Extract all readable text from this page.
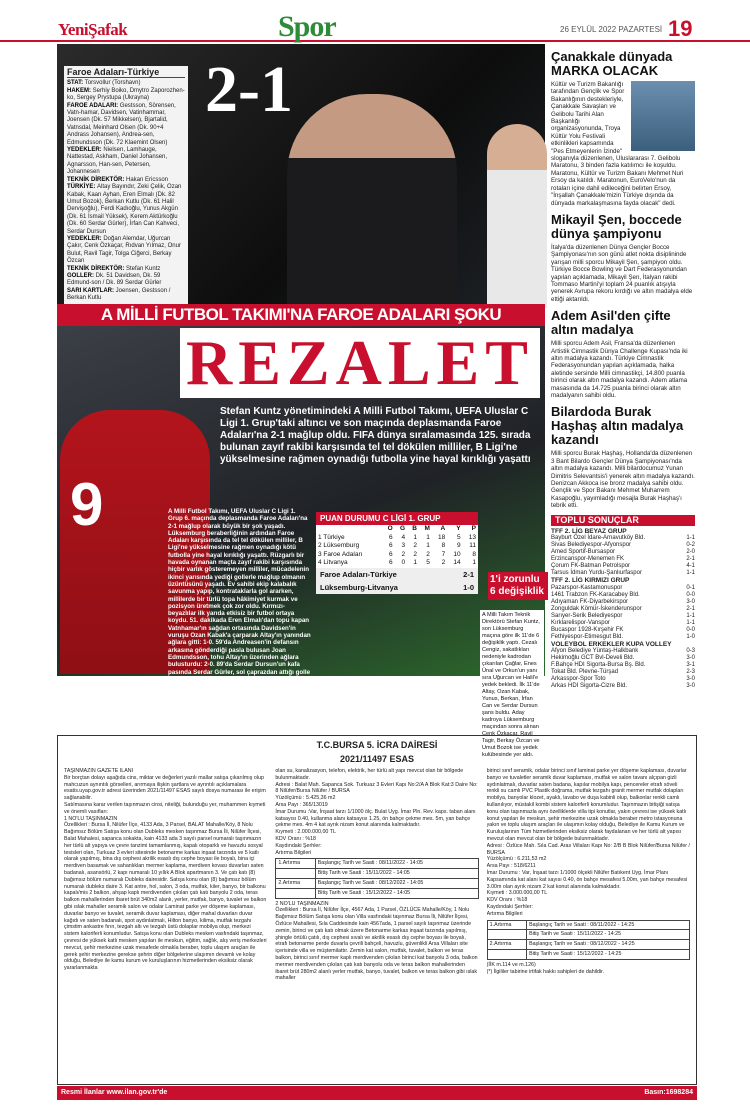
YeniŞafak	Spor	26 EYLÜL 2022 PAZARTESİ 19
2-1
Faroe Adaları-Türkiye
STAT: Torsvollur (Torshavn)
HAKEM: Serhiy Boiko, Dmytro Zaporozhen-ko, Sergey Prystupa (Ukrayna)
FAROE ADALARI: Gestsson, Sörensen, Vatn-hamar, Davidsen, Vatinhammar, Joensen (Dk. 57 Mikkelsen), Bjartalid, Vatnsdal, Meinhard Olsen (Dk. 90+4 Andrass Johansen), Andrea-sen, Edmundsson (Dk. 72 Klaemint Olsen)
YEDEKLER: Nielsen, Lamhauge, Nattestad, Askham, Daniel Johansen, Agnarsson, Han-sen, Petersen, Johannesen
TEKNİK DİREKTÖR: Hakan Ericsson
TÜRKİYE: Altay Bayındır, Zeki Çelik, Ozan Kabak, Kaan Ayhan, Eren Elmalı (Dk. 82 Umut Bozok), Berkan Kutlu (Dk. 61 Halil Dervişoğlu), Ferdi Kadıoğlu, Yunus Akgün (Dk. 61 İsmail Yüksek), Kerem Aktürkoğlu (Dk. 60 Serdar Gürler), İrfan Can Kahveci, Serdar Dursun
YEDEKLER: Doğan Alemdar, Uğurcan Çakır, Cenk Özkaçar, Rıdvan Yılmaz, Onur Bulut, Ravil Tagir, Tolga Ciğerci, Berkay Özcan
TEKNİK DİREKTÖR: Stefan Kuntz
GOLLER: Dk. 51 Davidsen, Dk. 59 Edmund-son / Dk. 89 Serdar Gürler
SARI KARTLAR: Joensen, Gestsson / Berkan Kutlu
A MİLLİ FUTBOL TAKIMI'NA FAROE ADALARI ŞOKU
REZALET
Stefan Kuntz yönetimindeki A Milli Futbol Takımı, UEFA Uluslar C Ligi 1. Grup'taki altıncı ve son maçında deplasmanda Faroe Adaları'na 2-1 mağlup oldu. FIFA dünya sıralamasında 125. sırada bulunan zayıf rakibi karşısında tel tel dökülen milliler, B Ligi'ne yükselmesine rağmen oynadığı futbolla yine hayal kırıklığı yaşattı
9	A Milli Futbol Takımı, UEFA Uluslar C Ligi 1. Grup 6. maçında deplasmanda Faroe Adaları'na 2-1 mağlup olarak büyük bir şok yaşadı. Lüksemburg beraberliğinin ardından Faroe Adaları karşısında da tel tel dökülen milliler, B Ligi'ne yükselmesine rağmen oynadığı kötü futbolla yine hayal kırıklığı yaşattı. Rüzgarlı bir havada oynanan maçta zayıf rakibi karşısında hiçbir varlık gösteremeyen milliler, mücadelenin ikinci yarısında yediği gollerle mağlup olmanın üzüntüsünü yaşadı. Ev sahibi ekip kalabalık savunma yapıp, kontrataklarla gol ararken, millilerde bir türlü topa hâkimiyet kurmak ve pozisyon üretmek çok zor oldu. Kırmızı-beyazlılar ilk yarıda etkisiz bir futbol ortaya koydu. 51. dakikada Eren Elmalı'dan topu kapan Vatnhamar'ın sağdan ortasında Davidsen'in vuruşu Ozan Kabak'a çarparak Altay'ın yanından ağlara gitti: 1-0. 59'da Andreasen'in defansın arkasına gönderdiği pasla bulusan Joan Edmundsson, tohu Altay'ın üzerinden ağlara bulusturdu: 2-0. 89'da Serdar Dursun'un kafa pasında Serdar Gürler, sol çaprazdan attığı golle skoru 2-1e getirdi.
PUAN DURUMU C LİGİ 1. GRUP
	O	G	B	M	A	Y	P
1 Türkiye	6	4	1	1	18	5	13
2 Lüksemburg	6	3	2	1	8	9	11
3 Faroe Adaları	6	2	2	2	7	10	8
4 Litvanya	6	0	1	5	2	14	1
Faroe Adaları-Türkiye	2-1
Lüksemburg-Litvanya	1-0
1'i zorunlu 6 değişiklik
A Milli Takım Teknik Direktörü Stefan Kuntz, son Lüksemburg maçına göre ilk 11'de 6 değişiklik yaptı. Cezalı Cengiz, sakatlıkları nedeniyle kadrodan çıkarılan Çağlar, Enes Ünal ve Orkun'un yanı sıra Uğurcan ve Halil'e yedek bekledi. İlk 11'de Altay, Ozan Kabak, Yunus, Berkan, İrfan Can ve Serdar Dursun şans buldu. Aday kadroya Lüksemburg maçından sonra alınan Cenk Özkaçar, Ravil Tagir, Berkay Özcan ve Umut Bozok ise yedek kulübesinde yer aldı.
Çanakkale dünyada MARKA OLACAK

Kültür ve Turizm Bakanlığı tarafından Gençlik ve Spor Bakanlığının destekleriyle, Çanakkale Savaşları ve Gelibolu Tarihi Alan Başkanlığı organizasyonunda, Troya Kültür Yolu Festivali etkinlikleri kapsamında "Pes Etmeyenlerin İzinde" sloganıyla düzenlenen, Uluslararası 7. Gelibolu Maratonu, 3 binden fazla katılımcı ile koşuldu. Maratonu, Kültür ve Turizm Bakanı Mehmet Nuri Ersoy da katıldı. Maratonun, EuroVelo'nun da rotaları içine dahil edileceğini belirten Ersoy, "İnşallah Çanakkale'mizin Türkiye dışında da dünyada markalaşmasına fayda olacak" dedi.

Mikayil Şen, boccede dünya şampiyonu

İtalya'da düzenlenen Dünya Gençler Bocce Şampiyonası'nın son günü atlet nokta disiplininde yarışan milli sporcu Mikayil Şen, şampiyon oldu. Türkiye Bocce Bowling ve Dart Federasyonundan yapılan açıklamada, Mikayil Şen, İtalyan rakibi Tommaso Martini'yi toplam 24 puanlık atışıyla yenerek Avrupa rekoru kırdığı ve altın madalya elde ettiği aktarıldı.

Adem Asil'den çifte altın madalya

Milli sporcu Adem Asil, Fransa'da düzenlenen Artistik Cimnastik Dünya Challenge Kupası'nda iki altın madalya kazandı. Türkiye Cimnastik Federasyonundan yapılan açıklamada, halka aletinde sersinde Milli cimnastikçi, 14.800 puanla birinci olarak altın madalya kazandı. Adem atlama masasında da 14.725 puanla birinci olarak altın madalyanın sahibi oldu.

Bilardoda Burak Haşhaş altın madalya kazandı

Milli sporcu Burak Haşhaş, Hollanda'da düzenlenen 3 Bant Bilardo Gençler Dünya Şampiyonası'nda altın madalya kazandı. Milli bilardocumuz Yunan Dimitris Selevantsis'i yenerek altın madalya kazandı. Denizcan Akkoca ise bronz madalya sahibi oldu. Gençlik ve Spor Bakanı Mehmet Muharrem Kasapoğlu, yayımladığı mesajla Burak Haşhaş'ı tebrik etti.

TOPLU SONUÇLAR
TFF 2. LİG BEYAZ GRUP
Bayburt Özel İdare-Arnavutköy Bld.	1-1
Sivas Belediyespor-Afyonspor	0-2
Amed Sportif-Bursaspor	2-0
Erzincanspor-Menemen FK	2-1
Çorum FK-Batman Petrolspor	4-1
Tarsus İdman Yurdu-Şanlıurfaspor	1-1
TFF 2. LİG KIRMIZI GRUP
Pazarspor-Kastamonuspor	0-1
1461 Trabzon FK-Karacabey Bld.	0-0
Adıyaman FK-Diyarbekirspor	3-0
Zonguldak Kömür-İskenderunspor	2-1
Sarıyer-Serik Belediyespor	1-1
Kırklarelispor-Vanspor	1-1
Bucaspor 1928-Kırşehir FK	0-0
Fethiyespor-Etimesgut Bld.	1-0
VOLEYBOL ERKEKLER KUPA VOLLEY
Afyon Belediye Yüntaş-Halkbank	0-3
Hekimoğlu GCT Bvl-Develi Bld.	3-0
F.Bahçe HDI Sigorta-Bursa Bş. Bld.	3-1
Tokat Bld. Plevne-Türşad	2-3
Arkasspor-Spor Toto	3-0
Arkas HDI Sigorta-Cizre Bld.	3-0
T.C.BURSA 5. İCRA DAİRESİ
2021/11497 ESAS
TAŞINMAZIN GAZETE İLANI
Bir borçtan dolayı aşağıda cins, miktar ve değerleri yazılı mallar satışa çıkarılmış olup mahcuzun aynıntılı görselleri, arırmaya ilişkin şartlara ve ayrıntılı açıklamalara esatis.uyap.gov.tr adresi üzerinden 2021/11497 ESAS sayılı dosya numarası ile erişim sağlanabilir.
Satılmasına karar verilen taşınmazın cinsi, niteliği, bulunduğu yer, muhammen kıymeti ve önemli vasıfları:
1 NO'LU TAŞINMAZIN
Özellikleri : Bursa İl, Nilüfer İlçe, 4133 Ada, 3 Parsel, BALAT Mahalle/Köy, 8 Nolu Bağımsız Bölüm Satışa konu olan Dubleks mesken taşınmaz Bursa İli, Nilüfer İlçesi, Balat Mahalesi, sapanca sokakta, kain 4133 ada 3 sayılı parsel numaralı taşınmazın her türlü alt yapıya ve çevre tanzimi tamamlanmış, kapalı otoparklı ve havuzlu sosyal tesisleri olan, Turkuaz 3 evleri sitesinde betonarme karkas inşaat tarzında ve 5 katlı olarak yapılmış, bina dış cephesi akrilik esaslı dış cephe boyası ile boyalı, bina içi merdiven basamak ve sahanlıkları mermer kaplama, merdiven kovası duvarları saten badanalı, asansörlü, 2 kapı numaralı 10 yıllık A Blok apartmanın 3. Ve çatı katı (8) bağımsız bölüm numaralı Dubleks dairesidir. Satışa konu olan (8) bağımsız bölüm numaralı dubleks daire 3. Kat antre, hol, salon, 3 oda, mutfak, kiler, banyo, bir balkonu kapalı/mis 2 balkon, ahşap kaplı merdivenden çıkılan çatı katı banyolu 2 oda, teras balkon mahallerinden ibaret brüt 340m2 alanlı, yerler, mutfak, banyo, tuvalet ve balkon gibi ıslak mahaller seramik salon ve odalar Laminat parke yer döşeme kaplaması, duvarlar banyo ve tuvalet, seramik duvar kaplaması, diğer mahal duvarları duvar kağıdı ve saten badanalı, spot aydınlatmalı, Hilton banyo, kilima, mutfak tezgahı çimstim ankastre fırın, tezgah altı ve tezgah üstü dolaplar mobilya olup, merkezi sistem kaloriferli konumludur. Satışa konu olan Dubleks mesken vasfındaki taşınmaz, çevresi de yüksek katlı mesken yapıları ile meskun, eğitim, sağlık, alış veriş merkezleri mevcut, şehir merkezine uzak mesafede olmakla beraber, toplu ulaşım araçları ile gerek şehir merkezine gerekse şehrin diğer bölgelerine ulaşımın devamlı ve kolay olduğu, Belediye ile kamu kurum ve kuruluşlarının hizmetlerinden eksiksiz olarak yararlanmakta
olan su, kanalizasyon, telefon, elektrik, her türlü alt yapı mevcut olan bir bölgede bulunmaktadır.
Adresi : Balat Mah. Sapanca Sok. Turkuaz 3 Evleri Kapı No:2/A A Blok Kat:3 Daire No: 8 Nilüfer/Bursa Nilüfer / BURSA
Yüzölçümü : 5.425,36 m2
Arsa Payı : 365/13019
İmar Durumu :Var, İnşaat tarzı 1/1000 ölç. Bulat Uyg. İmar Pln. Rev. kaps. taban alanı katsayısı 0.40, kullanma alanı katsayısı 1.25, ön bahçe çekme mes. 5m, yan bahçe çekme mes. 4m 4 kat ayrık nizam konut alanında kalmaktadır.
Kıymeti : 2.000.000,00 TL
KDV Oranı : %18
Kaydındaki Şerhler:
Artırma Bilgileri
1.Artırma	Başlangıç Tarih ve Saati : 08/11/2022 - 14:05
	Bitiş Tarih ve Saati : 15/11/2022 - 14:05
2.Artırma	Başlangıç Tarih ve Saati : 08/12/2022 - 14:05
	Bitiş Tarih ve Saati : 15/12/2022 - 14:05
2 NO'LU TAŞINMAZIN
Özellikleri : Bursa İl, Nilüfer İlçe, 4567 Ada, 1 Parsel, ÖZLÜCE Mahalle/Köy, 1 Nolu Bağımsız Bölüm Satışa konu olan Villa vasfındaki taşınmaz Bursa İli, Nilüfer İlçesi, Özlüce Mahallesi, Sıla Caddesinde kain 4567ada, 1 parsel sayılı taşınmaz üzerinde zemin, birinci ve çatı katı olmak üzere Betonarme karkas inşaat tarzında yapılmış, şhingle örtülü çatılı, dış cephesi sıvalı ve akrilik esaslı dış cephe boyası ile boyalı, etrafı betonarme perde duvarla çevrili bahçeli, havuzlu, güvenlikli Arsa Villaları site içerisinde villa ve müştemilattır. Zemin kat salon, mutfak, tuvalet, balkon ve teras balkon, birinci sınıf mermer kaplı merdivenden çıkılan birinci kat banyolu 3 oda, balkon mermer merdivenden çıkılan çatı katı banyolu oda ve teras balkon mahallerinden ibaret brüt 280m2 alanlı yerler mutfak, banyo, tuvalet, balkon ve teras balkon gibi ıslak mahaller
birinci sınıf seramik, odalar birinci sınıf laminat parke yer döşeme kaplaması, duvarlar banyo ve tuvaletler seramik duvar kaplaması, mutfak ve salon tavanı alçıpan gizli aydınlatmalı, duvarlar saten badana, kapılar mobilya kapı, pencereler etrafı söveli renkli su camlı PVC Plastik doğrama, mutfak tezgahı granit mermer mutfak dolapları mobilya, banyolar klozet, ayaklı, lavabo ve duşa kabinli olup, balkonlar renkli camlı kullanılıyor, müstakil kombi sistem kaloriferli konumludur. Taşınmazın bitişiği satışa konu olan taşınmazla aynı özelliklerde villa tipi konutlar, yakın çevresi ise yüksek katlı konut yapıları ile meskun, şehir merkezine uzak olmakla beraber metro istasyonuna yakın ve toplu ulaşım araçları ile ulaşımın kolay olduğu, Belediye ile Kamu Kurum ve Kuruluşlarının Tüm hizmetlerinden eksiksiz olarak faydalanan ve her türlü alt yapısı mevcut olan mevcut olan bir bölgede bulunmaktadır.
Adresi : Özlüce Mah. Sıla Cad. Aras Villaları Kapı No: 2/B B Blok Nilüfer/Bursa Nilüfer / BURSA
Yüzölçümü : 6.211,53 m2
Arsa Payı : 518/6211
İmar Durumu : Var, İnşaat tarzı 1/1000 ölçekli Nilüfer Batıkent Uyg. İmar Planı Kapsamında kat alanı kat sayısı 0.40, ön bahçe mesafesi 5.00m, yan bahçe mesafesi 3.00m olan ayrık nizam 2 kat konut alanında kalmaktadır.
Kıymeti : 3.000.000,00 TL
KDV Oranı : %18
Kaydındaki Şerhler:
Artırma Bilgileri
1.Artırma	Başlangıç Tarih ve Saati : 08/11/2022 - 14:25
	Bitiş Tarih ve Saati : 15/11/2022 - 14:25
2.Artırma	Başlangıç Tarih ve Saati : 08/12/2022 - 14:25
	Bitiş Tarih ve Saati : 15/12/2022 - 14:25
(İİK m.114 ve m.126)
(*) İlgililer tabirine irtifak hakkı sahipleri de dahildir.
Resmi İlanlar www.ilan.gov.tr'de	Basın:1698284
